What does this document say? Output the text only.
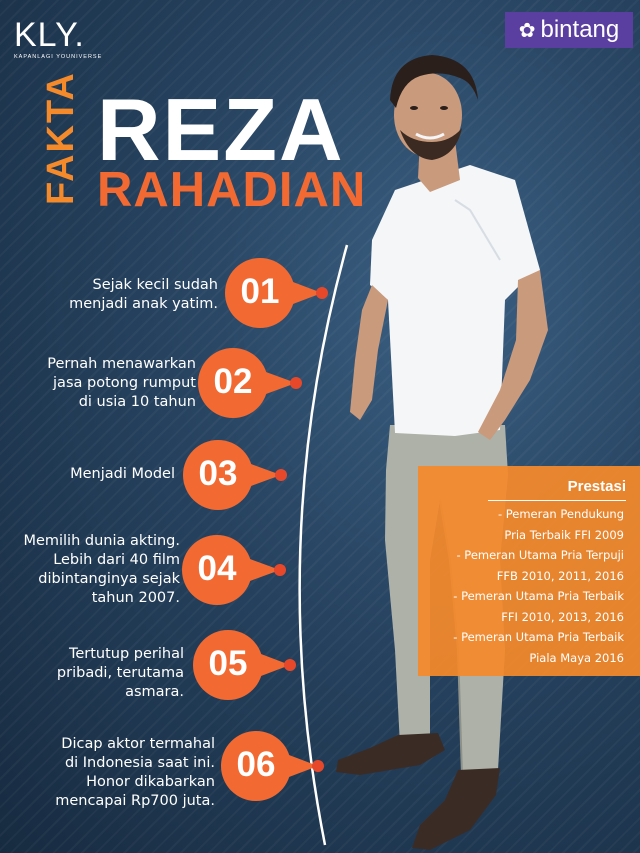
KLY.
KAPANLAGI YOUNIVERSE
✿ bintang
FAKTA REZA
RAHADIAN
01
02
03
04
05
06
Sejak kecil sudah
menjadi anak yatim.
Pernah menawarkan
jasa potong rumput
di usia 10 tahun
Menjadi Model
Memilih dunia akting.
Lebih dari 40 film
dibintanginya sejak
tahun 2007.
Tertutup perihal
pribadi, terutama
asmara.
Dicap aktor termahal
di Indonesia saat ini.
Honor dikabarkan
mencapai Rp700 juta.
Prestasi
- Pemeran Pendukung
Pria Terbaik FFI 2009
- Pemeran Utama Pria Terpuji
FFB 2010, 2011, 2016
- Pemeran Utama Pria Terbaik
FFI 2010, 2013, 2016
- Pemeran Utama Pria Terbaik
Piala Maya 2016
